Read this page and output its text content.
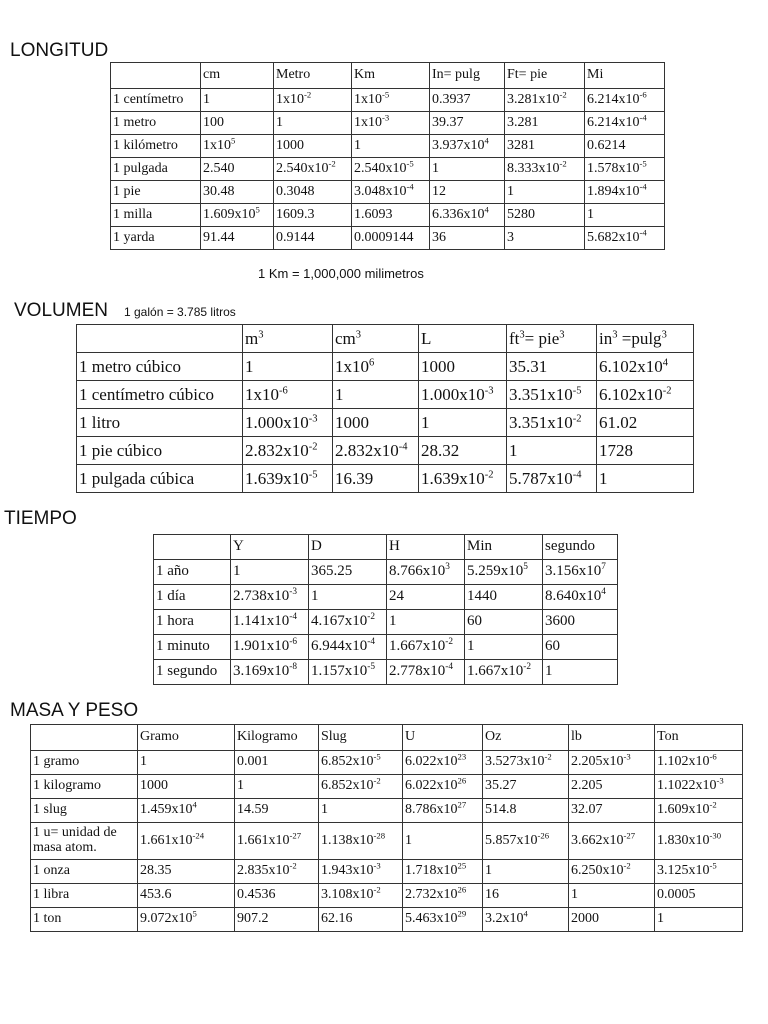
LONGITUD
	cm	Metro	Km	In= pulg	Ft= pie	Mi
1 centímetro	1	$1x10^{-2}$	$1x10^{-5}$	0.3937	$3.281x10^{-2}$	$6.214x10^{-6}$
1 metro	100	1	$1x10^{-3}$	39.37	3.281	$6.214x10^{-4}$
1 kilómetro	$1x10^5$	1000	1	$3.937x10^4$	3281	0.6214
1 pulgada	2.540	$2.540x10^{-2}$	$2.540x10^{-5}$	1	$8.333x10^{-2}$	$1.578x10^{-5}$
1 pie	30.48	0.3048	$3.048x10^{-4}$	12	1	$1.894x10^{-4}$
1 milla	$1.609x10^5$	1609.3	1.6093	$6.336x10^4$	5280	1
1 yarda	91.44	0.9144	0.0009144	36	3	$5.682x10^{-4}$
1 Km = 1,000,000 milimetros
VOLUMEN 1 galón = 3.785 litros
	$m^3$	$cm^3$	L	$ft^3= pie^3$	$in^3 =pulg^3$
1 metro cúbico	1	$1x10^6$	1000	35.31	$6.102x10^4$
1 centímetro cúbico	$1x10^{-6}$	1	$1.000x10^{-3}$	$3.351x10^{-5}$	$6.102x10^{-2}$
1 litro	$1.000x10^{-3}$	1000	1	$3.351x10^{-2}$	61.02
1 pie cúbico	$2.832x10^{-2}$	$2.832x10^{-4}$	28.32	1	1728
1 pulgada cúbica	$1.639x10^{-5}$	16.39	$1.639x10^{-2}$	$5.787x10^{-4}$	1
TIEMPO
	Y	D	H	Min	segundo
1 año	1	365.25	$8.766x10^3$	$5.259x10^5$	$3.156x10^7$
1 día	$2.738x10^{-3}$	1	24	1440	$8.640x10^4$
1 hora	$1.141x10^{-4}$	$4.167x10^{-2}$	1	60	3600
1 minuto	$1.901x10^{-6}$	$6.944x10^{-4}$	$1.667x10^{-2}$	1	60
1 segundo	$3.169x10^{-8}$	$1.157x10^{-5}$	$2.778x10^{-4}$	$1.667x10^{-2}$	1
MASA Y PESO
	Gramo	Kilogramo	Slug	U	Oz	lb	Ton
1 gramo	1	0.001	$6.852x10^{-5}$	$6.022x10^{23}$	$3.5273x10^{-2}$	$2.205x10^{-3}$	$1.102x10^{-6}$
1 kilogramo	1000	1	$6.852x10^{-2}$	$6.022x10^{26}$	35.27	2.205	$1.1022x10^{-3}$
1 slug	$1.459x10^4$	14.59	1	$8.786x10^{27}$	514.8	32.07	$1.609x10^{-2}$
1 u= unidad de masa atom.	$1.661x10^{-24}$	$1.661x10^{-27}$	$1.138x10^{-28}$	1	$5.857x10^{-26}$	$3.662x10^{-27}$	$1.830x10^{-30}$
1 onza	28.35	$2.835x10^{-2}$	$1.943x10^{-3}$	$1.718x10^{25}$	1	$6.250x10^{-2}$	$3.125x10^{-5}$
1 libra	453.6	0.4536	$3.108x10^{-2}$	$2.732x10^{26}$	16	1	0.0005
1 ton	$9.072x10^5$	907.2	62.16	$5.463x10^{29}$	$3.2x10^4$	2000	1
